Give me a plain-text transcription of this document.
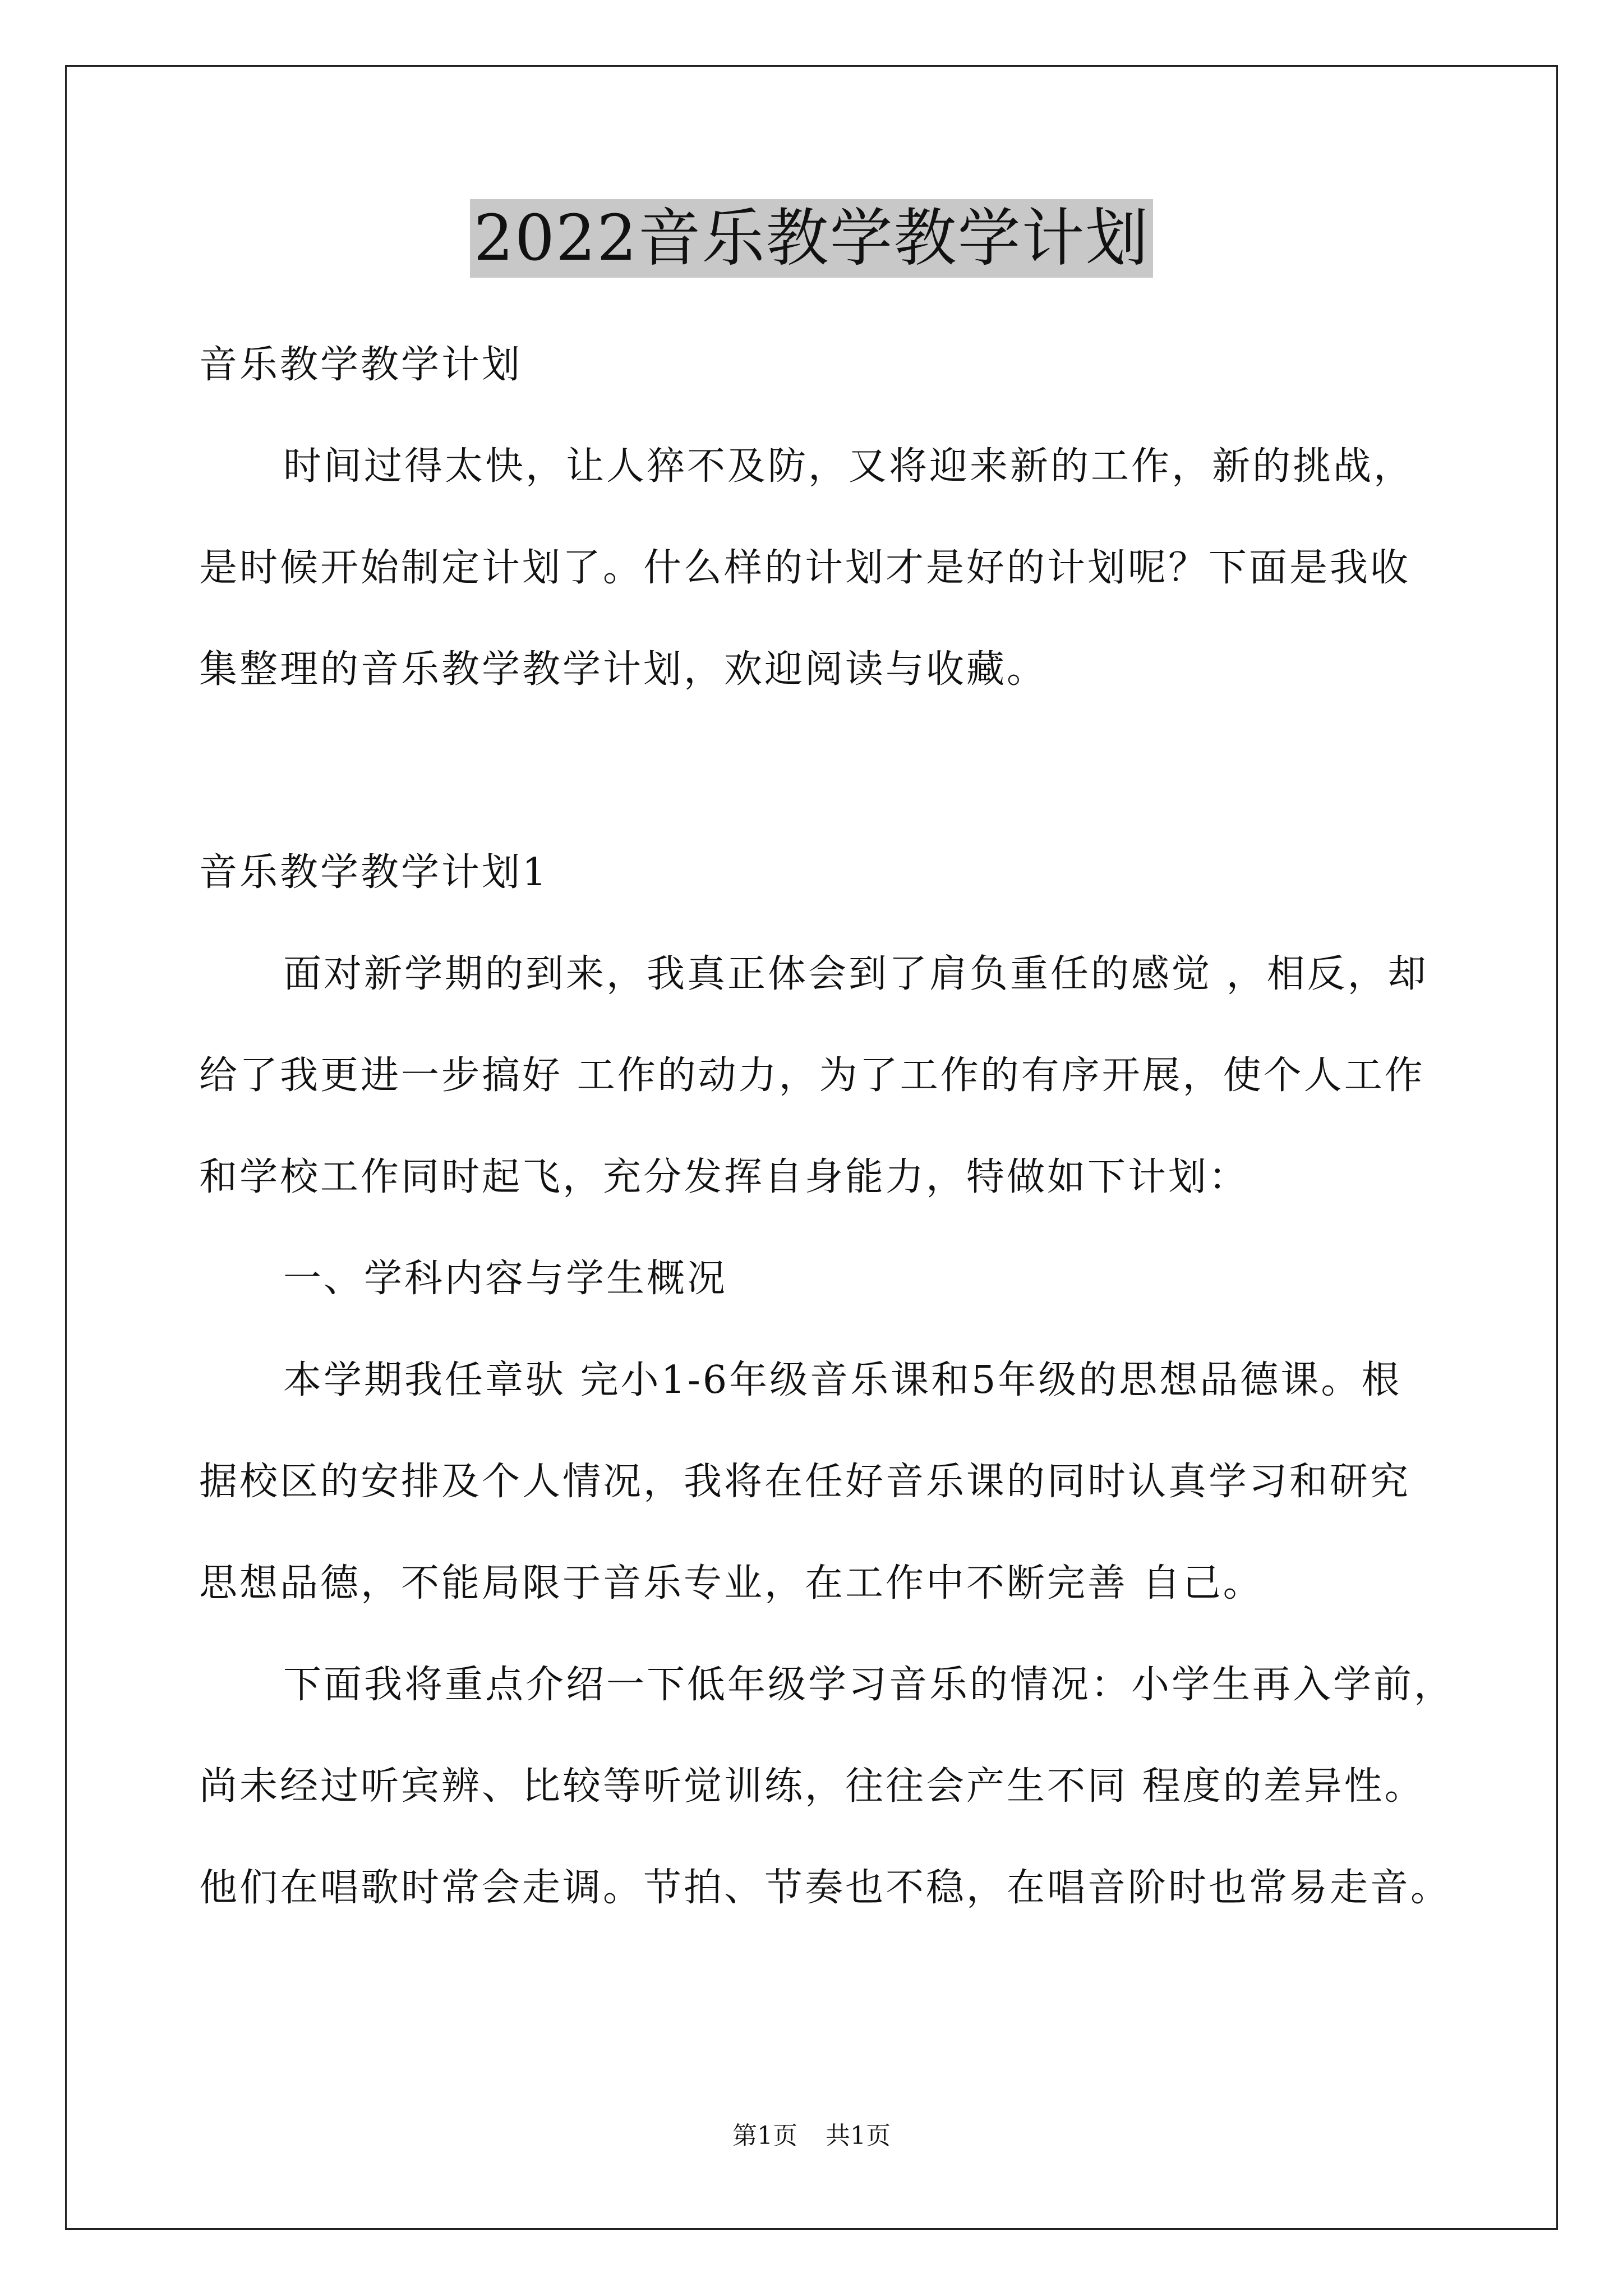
2022音乐教学教学计划

音乐教学教学计划

时间过得太快，让人猝不及防，又将迎来新的工作，新的挑战，

是时候开始制定计划了。什么样的计划才是好的计划呢？下面是我收

集整理的音乐教学教学计划，欢迎阅读与收藏。

音乐教学教学计划1

面对新学期的到来，我真正体会到了肩负重任的感觉 ，相反，却

给了我更进一步搞好 工作的动力，为了工作的有序开展，使个人工作

和学校工作同时起飞，充分发挥自身能力，特做如下计划：

一、学科内容与学生概况

本学期我任章驮 完小1-6年级音乐课和5年级的思想品德课。根

据校区的安排及个人情况，我将在任好音乐课的同时认真学习和研究

思想品德，不能局限于音乐专业，在工作中不断完善 自己。

下面我将重点介绍一下低年级学习音乐的情况：小学生再入学前，

尚未经过听宾辨、比较等听觉训练，往往会产生不同 程度的差异性。

他们在唱歌时常会走调。节拍、节奏也不稳，在唱音阶时也常易走音。

第1页 共1页
